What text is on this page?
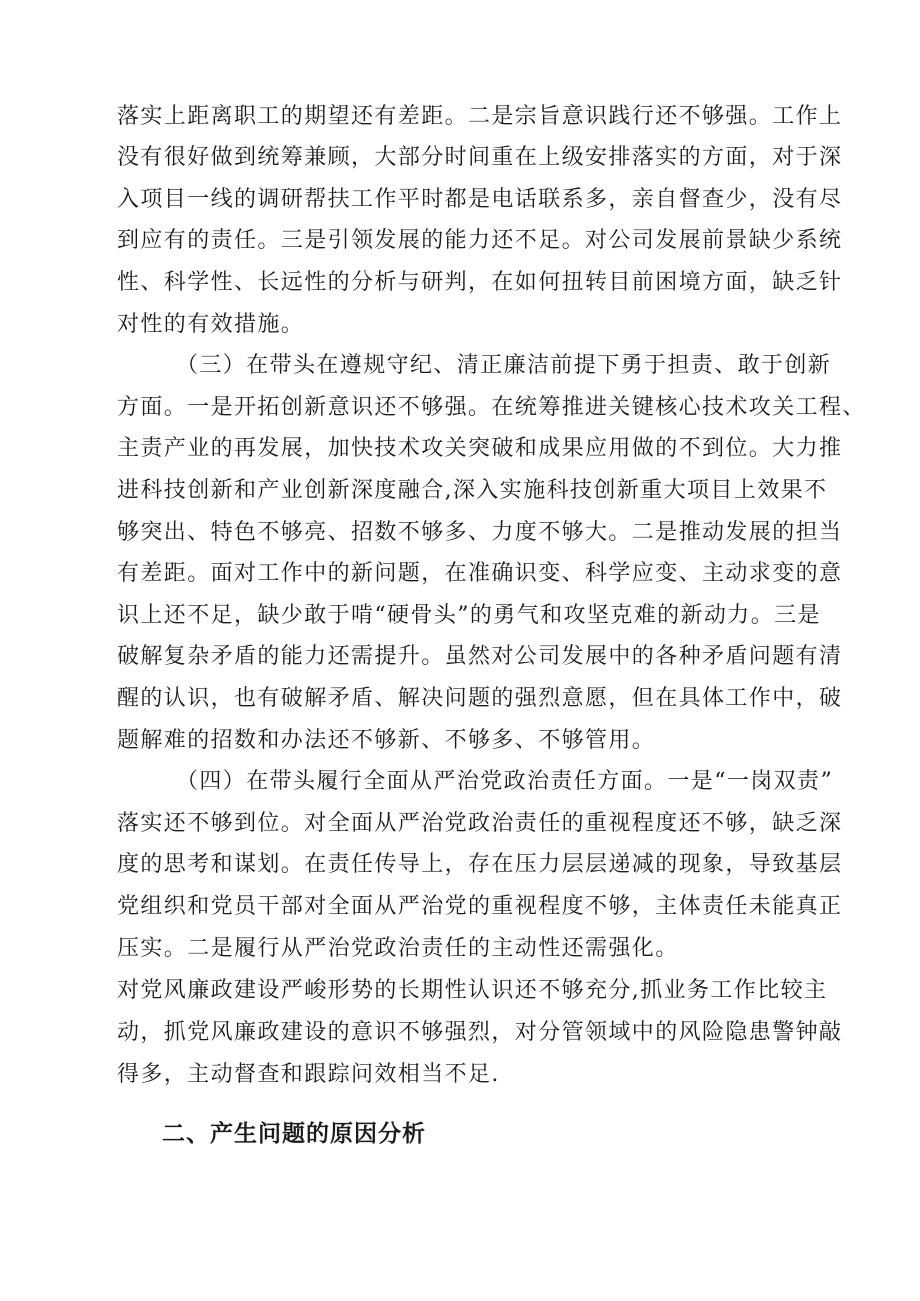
落实上距离职工的期望还有差距。二是宗旨意识践行还不够强。工作上
没有很好做到统筹兼顾，大部分时间重在上级安排落实的方面，对于深
入项目一线的调研帮扶工作平时都是电话联系多，亲自督查少，没有尽
到应有的责任。三是引领发展的能力还不足。对公司发展前景缺少系统
性、科学性、长远性的分析与研判，在如何扭转目前困境方面，缺乏针
对性的有效措施。
（三）在带头在遵规守纪、清正廉洁前提下勇于担责、敢于创新
方面。一是开拓创新意识还不够强。在统筹推进关键核心技术攻关工程、
主责产业的再发展，加快技术攻关突破和成果应用做的不到位。大力推
进科技创新和产业创新深度融合,深入实施科技创新重大项目上效果不
够突出、特色不够亮、招数不够多、力度不够大。二是推动发展的担当
有差距。面对工作中的新问题，在准确识变、科学应变、主动求变的意
识上还不足，缺少敢于啃“硬骨头”的勇气和攻坚克难的新动力。三是
破解复杂矛盾的能力还需提升。虽然对公司发展中的各种矛盾问题有清
醒的认识，也有破解矛盾、解决问题的强烈意愿，但在具体工作中，破
题解难的招数和办法还不够新、不够多、不够管用。
（四）在带头履行全面从严治党政治责任方面。一是“一岗双责”
落实还不够到位。对全面从严治党政治责任的重视程度还不够，缺乏深
度的思考和谋划。在责任传导上，存在压力层层递减的现象，导致基层
党组织和党员干部对全面从严治党的重视程度不够，主体责任未能真正
压实。二是履行从严治党政治责任的主动性还需强化。
对党风廉政建设严峻形势的长期性认识还不够充分,抓业务工作比较主
动，抓党风廉政建设的意识不够强烈，对分管领域中的风险隐患警钟敲
得多，主动督查和跟踪问效相当不足.
二、产生问题的原因分析
